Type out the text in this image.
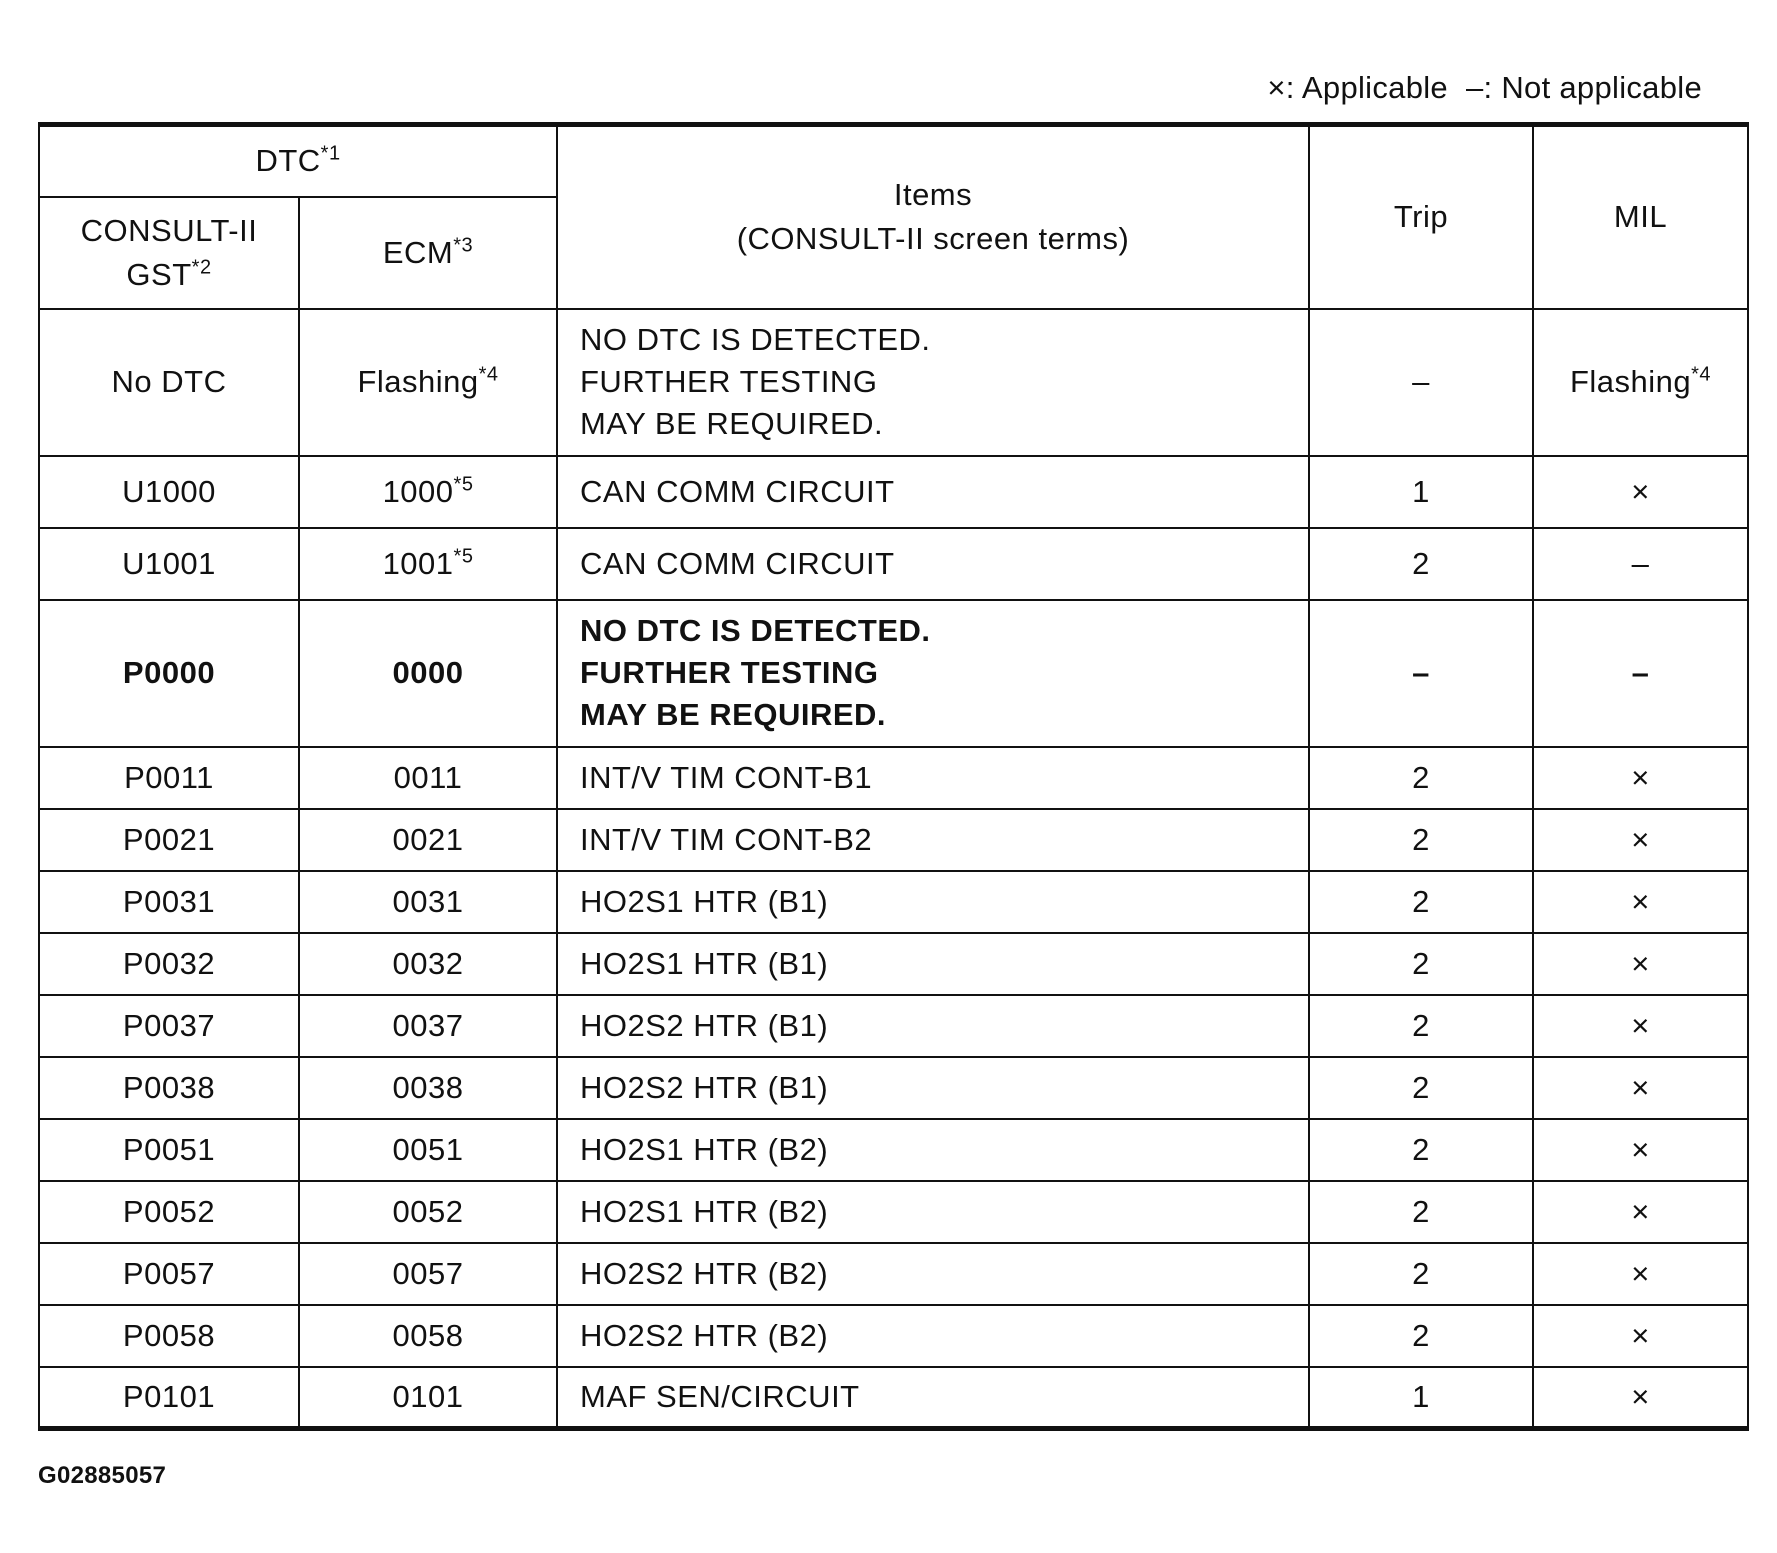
×: Applicable –: Not applicable
DTC$^{*1}$		Items
(CONSULT-II screen terms)	Trip	MIL

CONSULT-II
GST$^{*2}$	ECM$^{*3}$
No DTC	Flashing$^{*4}$	NO DTC IS DETECTED.
FURTHER TESTING
MAY BE REQUIRED.	–	Flashing$^{*4}$
U1000	1000$^{*5}$	CAN COMM CIRCUIT	1	×
U1001	1001$^{*5}$	CAN COMM CIRCUIT	2	–
P0000	0000	NO DTC IS DETECTED.
FURTHER TESTING
MAY BE REQUIRED.	–	–
P0011	0011	INT/V TIM CONT-B1	2	×
P0021	0021	INT/V TIM CONT-B2	2	×
P0031	0031	HO2S1 HTR (B1)	2	×
P0032	0032	HO2S1 HTR (B1)	2	×
P0037	0037	HO2S2 HTR (B1)	2	×
P0038	0038	HO2S2 HTR (B1)	2	×
P0051	0051	HO2S1 HTR (B2)	2	×
P0052	0052	HO2S1 HTR (B2)	2	×
P0057	0057	HO2S2 HTR (B2)	2	×
P0058	0058	HO2S2 HTR (B2)	2	×
P0101	0101	MAF SEN/CIRCUIT	1	×
G02885057
